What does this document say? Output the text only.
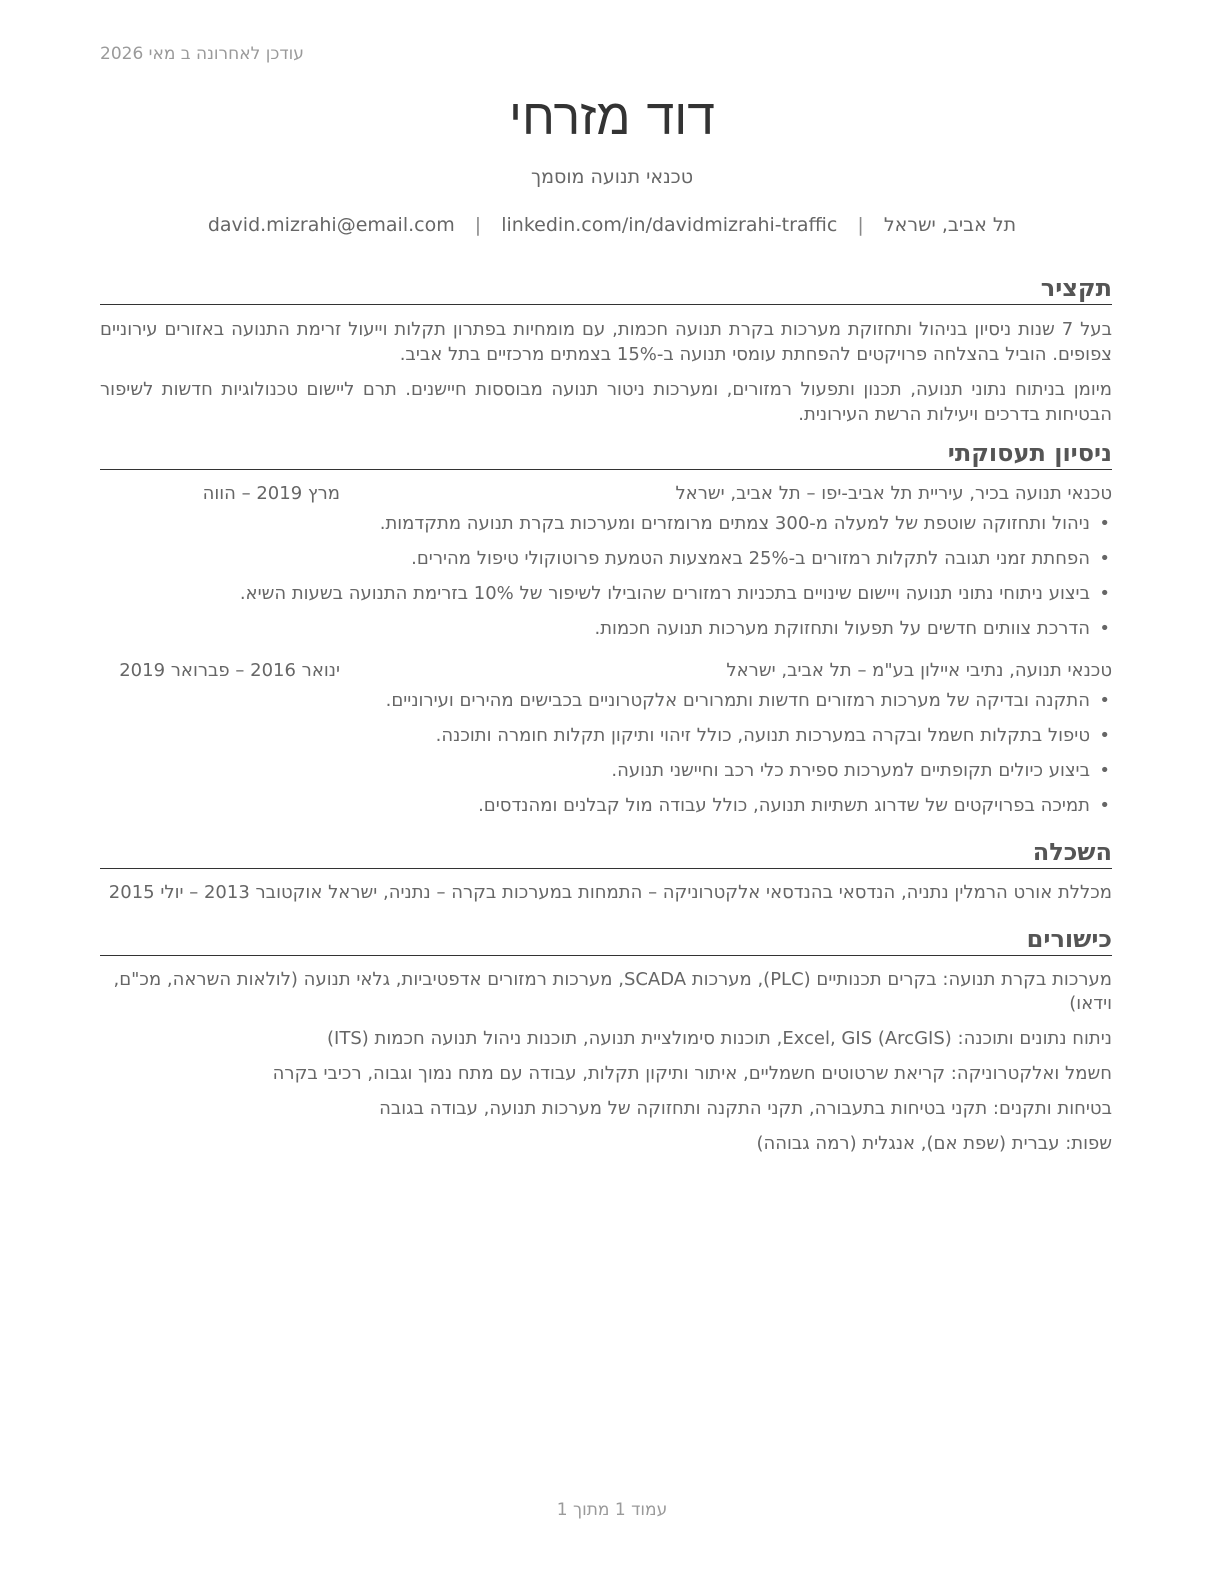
עודכן לאחרונה ב מאי 2026
דוד מזרחי
טכנאי תנועה מוסמך
תל אביב, ישראל | david.mizrahi@email.com | linkedin.com/in/davidmizrahi-traffic
תקציר

בעל 7 שנות ניסיון בניהול ותחזוקת מערכות בקרת תנועה חכמות, עם מומחיות בפתרון תקלות וייעול זרימת התנועה באזורים עירוניים צפופים. הוביל בהצלחה פרויקטים להפחתת עומסי תנועה ב-15% בצמתים מרכזיים בתל אביב.

מיומן בניתוח נתוני תנועה, תכנון ותפעול רמזורים, ומערכות ניטור תנועה מבוססות חיישנים. תרם ליישום טכנולוגיות חדשות לשיפור הבטיחות בדרכים ויעילות הרשת העירונית.

ניסיון תעסוקתי
טכנאי תנועה בכיר, עיריית תל אביב-יפו – תל אביב, ישראל
מרץ 2019 – הווה
• ניהול ותחזוקה שוטפת של למעלה מ-300 צמתים מרומזרים ומערכות בקרת תנועה מתקדמות.
• הפחתת זמני תגובה לתקלות רמזורים ב-25% באמצעות הטמעת פרוטוקולי טיפול מהירים.
• ביצוע ניתוחי נתוני תנועה ויישום שינויים בתכניות רמזורים שהובילו לשיפור של 10% בזרימת התנועה בשעות השיא.
• הדרכת צוותים חדשים על תפעול ותחזוקת מערכות תנועה חכמות.
טכנאי תנועה, נתיבי איילון בע"מ – תל אביב, ישראל
ינואר 2016 – פברואר 2019
• התקנה ובדיקה של מערכות רמזורים חדשות ותמרורים אלקטרוניים בכבישים מהירים ועירוניים.
• טיפול בתקלות חשמל ובקרה במערכות תנועה, כולל זיהוי ותיקון תקלות חומרה ותוכנה.
• ביצוע כיולים תקופתיים למערכות ספירת כלי רכב וחיישני תנועה.
• תמיכה בפרויקטים של שדרוג תשתיות תנועה, כולל עבודה מול קבלנים ומהנדסים.
השכלה
מכללת אורט הרמלין נתניה, הנדסאי בהנדסאי אלקטרוניקה – התמחות במערכות בקרה – נתניה, ישראל אוקטובר 2013 – יולי 2015
כישורים
מערכות בקרת תנועה: בקרים תכנותיים (PLC), מערכות SCADA, מערכות רמזורים אדפטיביות, גלאי תנועה (לולאות השראה, מכ"ם, וידאו)
ניתוח נתונים ותוכנה: Excel, GIS (ArcGIS), תוכנות סימולציית תנועה, תוכנות ניהול תנועה חכמות (ITS)
חשמל ואלקטרוניקה: קריאת שרטוטים חשמליים, איתור ותיקון תקלות, עבודה עם מתח נמוך וגבוה, רכיבי בקרה
בטיחות ותקנים: תקני בטיחות בתעבורה, תקני התקנה ותחזוקה של מערכות תנועה, עבודה בגובה
שפות: עברית (שפת אם), אנגלית (רמה גבוהה)
עמוד 1 מתוך 1
